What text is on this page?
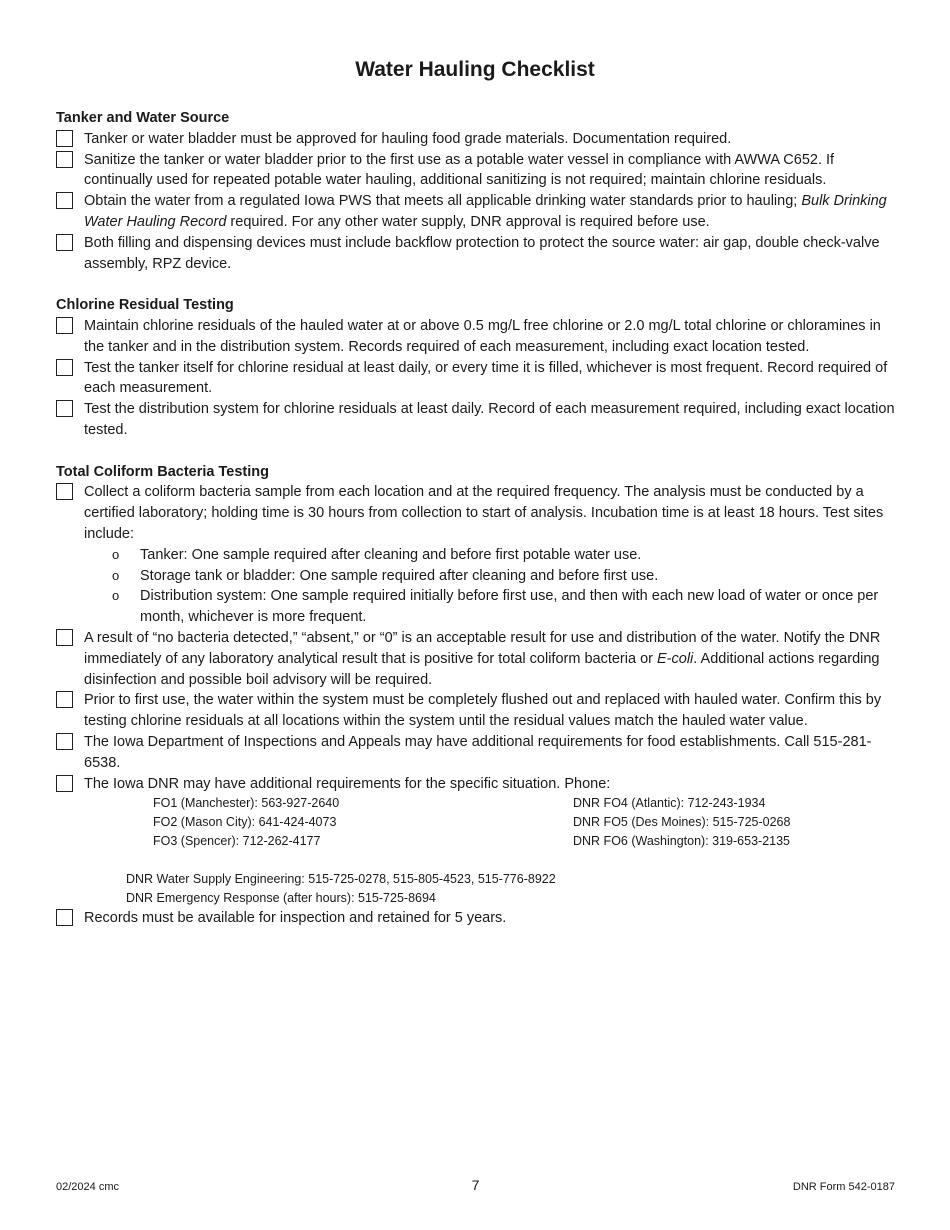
Water Hauling Checklist
Tanker and Water Source
Tanker or water bladder must be approved for hauling food grade materials. Documentation required.
Sanitize the tanker or water bladder prior to the first use as a potable water vessel in compliance with AWWA C652. If continually used for repeated potable water hauling, additional sanitizing is not required; maintain chlorine residuals.
Obtain the water from a regulated Iowa PWS that meets all applicable drinking water standards prior to hauling; Bulk Drinking Water Hauling Record required. For any other water supply, DNR approval is required before use.
Both filling and dispensing devices must include backflow protection to protect the source water: air gap, double check-valve assembly, RPZ device.
Chlorine Residual Testing
Maintain chlorine residuals of the hauled water at or above 0.5 mg/L free chlorine or 2.0 mg/L total chlorine or chloramines in the tanker and in the distribution system. Records required of each measurement, including exact location tested.
Test the tanker itself for chlorine residual at least daily, or every time it is filled, whichever is most frequent. Record required of each measurement.
Test the distribution system for chlorine residuals at least daily. Record of each measurement required, including exact location tested.
Total Coliform Bacteria Testing
Collect a coliform bacteria sample from each location and at the required frequency. The analysis must be conducted by a certified laboratory; holding time is 30 hours from collection to start of analysis. Incubation time is at least 18 hours. Test sites include:
o Tanker: One sample required after cleaning and before first potable water use.
o Storage tank or bladder: One sample required after cleaning and before first use.
o Distribution system: One sample required initially before first use, and then with each new load of water or once per month, whichever is more frequent.
A result of “no bacteria detected,” “absent,” or “0” is an acceptable result for use and distribution of the water. Notify the DNR immediately of any laboratory analytical result that is positive for total coliform bacteria or E-coli. Additional actions regarding disinfection and possible boil advisory will be required.
Prior to first use, the water within the system must be completely flushed out and replaced with hauled water. Confirm this by testing chlorine residuals at all locations within the system until the residual values match the hauled water value.
The Iowa Department of Inspections and Appeals may have additional requirements for food establishments. Call 515-281-6538.
The Iowa DNR may have additional requirements for the specific situation. Phone:
FO1 (Manchester): 563-927-2640	DNR FO4 (Atlantic): 712-243-1934
FO2 (Mason City): 641-424-4073	DNR FO5 (Des Moines): 515-725-0268
FO3 (Spencer): 712-262-4177	DNR FO6 (Washington): 319-653-2135
DNR Water Supply Engineering: 515-725-0278, 515-805-4523, 515-776-8922
DNR Emergency Response (after hours): 515-725-8694
Records must be available for inspection and retained for 5 years.
02/2024 cmc	7	DNR Form 542-0187
